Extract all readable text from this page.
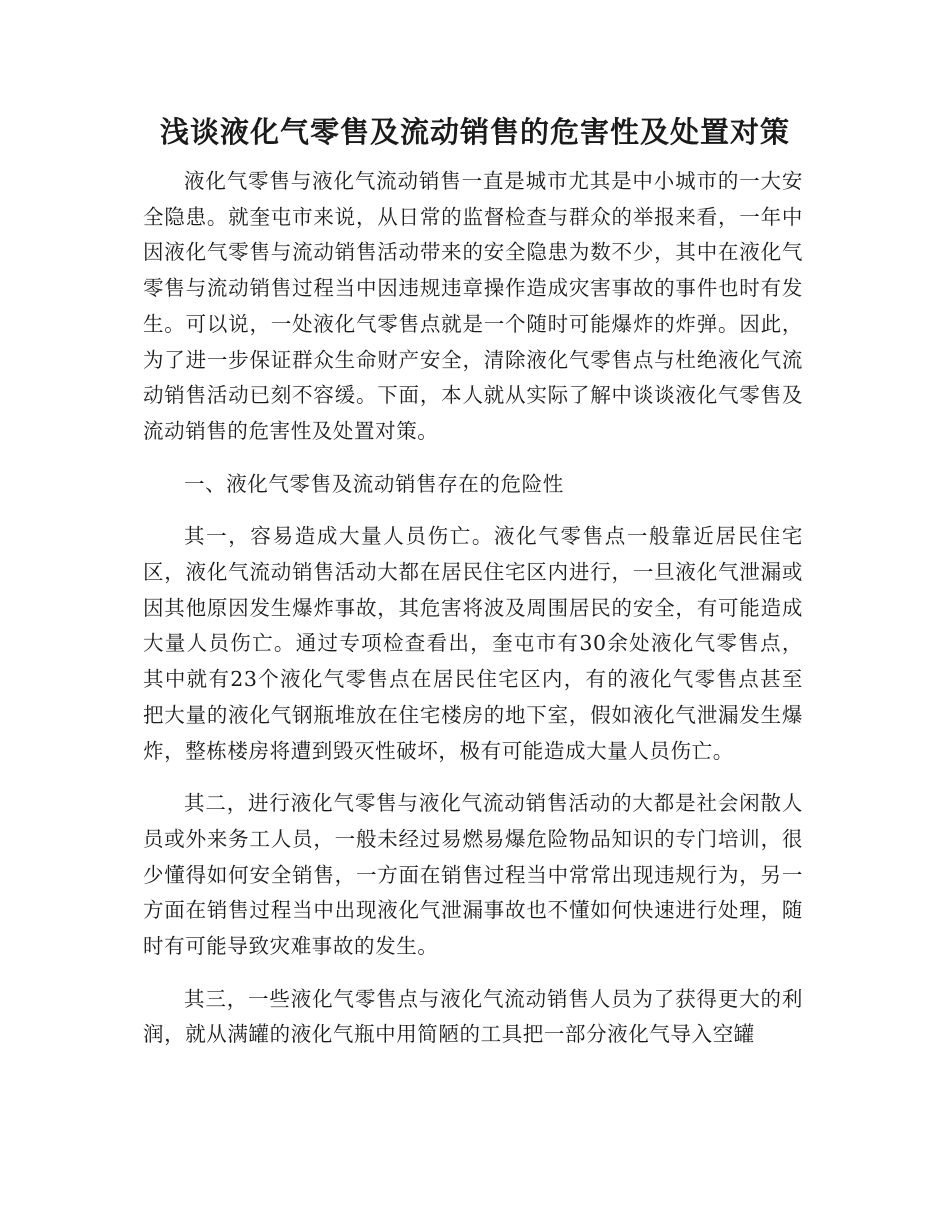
浅谈液化气零售及流动销售的危害性及处置对策

液化气零售与液化气流动销售一直是城市尤其是中小城市的一大安全隐患。就奎屯市来说，从日常的监督检查与群众的举报来看，一年中因液化气零售与流动销售活动带来的安全隐患为数不少，其中在液化气零售与流动销售过程当中因违规违章操作造成灾害事故的事件也时有发生。可以说，一处液化气零售点就是一个随时可能爆炸的炸弹。因此，为了进一步保证群众生命财产安全，清除液化气零售点与杜绝液化气流动销售活动已刻不容缓。下面，本人就从实际了解中谈谈液化气零售及流动销售的危害性及处置对策。

一、液化气零售及流动销售存在的危险性

其一，容易造成大量人员伤亡。液化气零售点一般靠近居民住宅区，液化气流动销售活动大都在居民住宅区内进行，一旦液化气泄漏或因其他原因发生爆炸事故，其危害将波及周围居民的安全，有可能造成大量人员伤亡。通过专项检查看出，奎屯市有30余处液化气零售点，其中就有23个液化气零售点在居民住宅区内，有的液化气零售点甚至把大量的液化气钢瓶堆放在住宅楼房的地下室，假如液化气泄漏发生爆炸，整栋楼房将遭到毁灭性破坏，极有可能造成大量人员伤亡。

其二，进行液化气零售与液化气流动销售活动的大都是社会闲散人员或外来务工人员，一般未经过易燃易爆危险物品知识的专门培训，很少懂得如何安全销售，一方面在销售过程当中常常出现违规行为，另一方面在销售过程当中出现液化气泄漏事故也不懂如何快速进行处理，随时有可能导致灾难事故的发生。

其三，一些液化气零售点与液化气流动销售人员为了获得更大的利润，就从满罐的液化气瓶中用简陋的工具把一部分液化气导入空罐
